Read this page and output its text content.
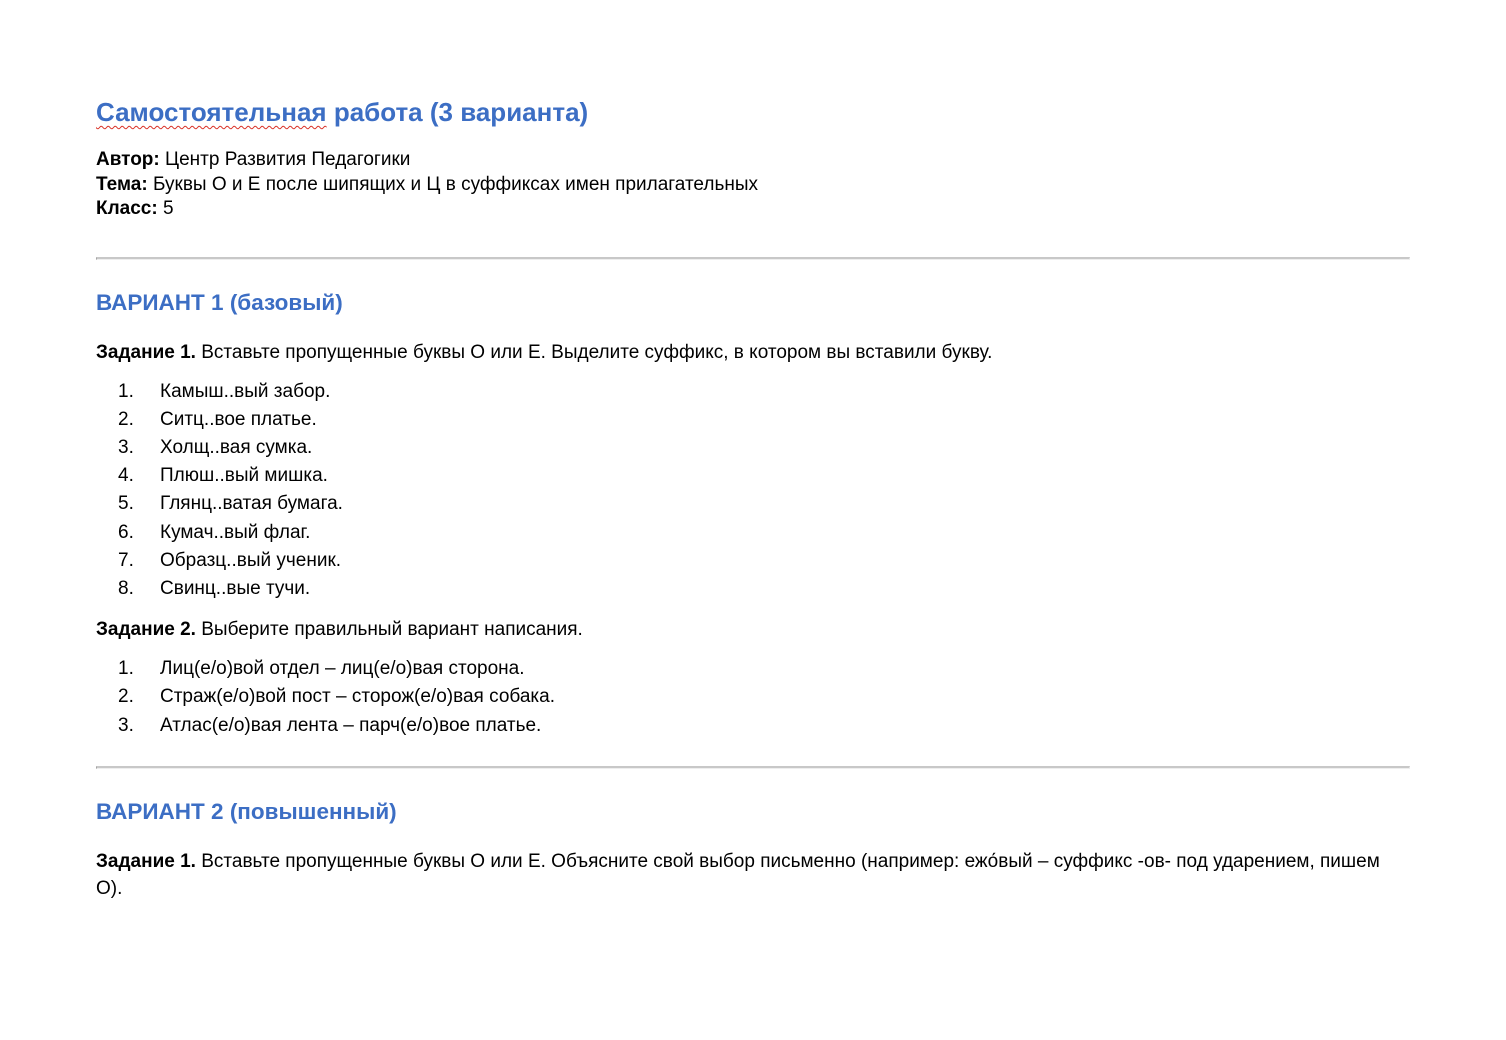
Самостоятельная работа (3 варианта)
Автор: Центр Развития Педагогики
Тема: Буквы О и Е после шипящих и Ц в суффиксах имен прилагательных
Класс: 5
ВАРИАНТ 1 (базовый)

Задание 1. Вставьте пропущенные буквы О или Е. Выделите суффикс, в котором вы вставили букву.

1. Камыш..вый забор.
2. Ситц..вое платье.
3. Холщ..вая сумка.
4. Плюш..вый мишка.
5. Глянц..ватая бумага.
6. Кумач..вый флаг.
7. Образц..вый ученик.
8. Свинц..вые тучи.

Задание 2. Выберите правильный вариант написания.

1. Лиц(е/о)вой отдел – лиц(е/о)вая сторона.
2. Страж(е/о)вой пост – сторож(е/о)вая собака.
3. Атлас(е/о)вая лента – парч(е/о)вое платье.
ВАРИАНТ 2 (повышенный)

Задание 1. Вставьте пропущенные буквы О или Е. Объясните свой выбор письменно (например: ежо́вый – суффикс -ов- под ударением, пишем О).
